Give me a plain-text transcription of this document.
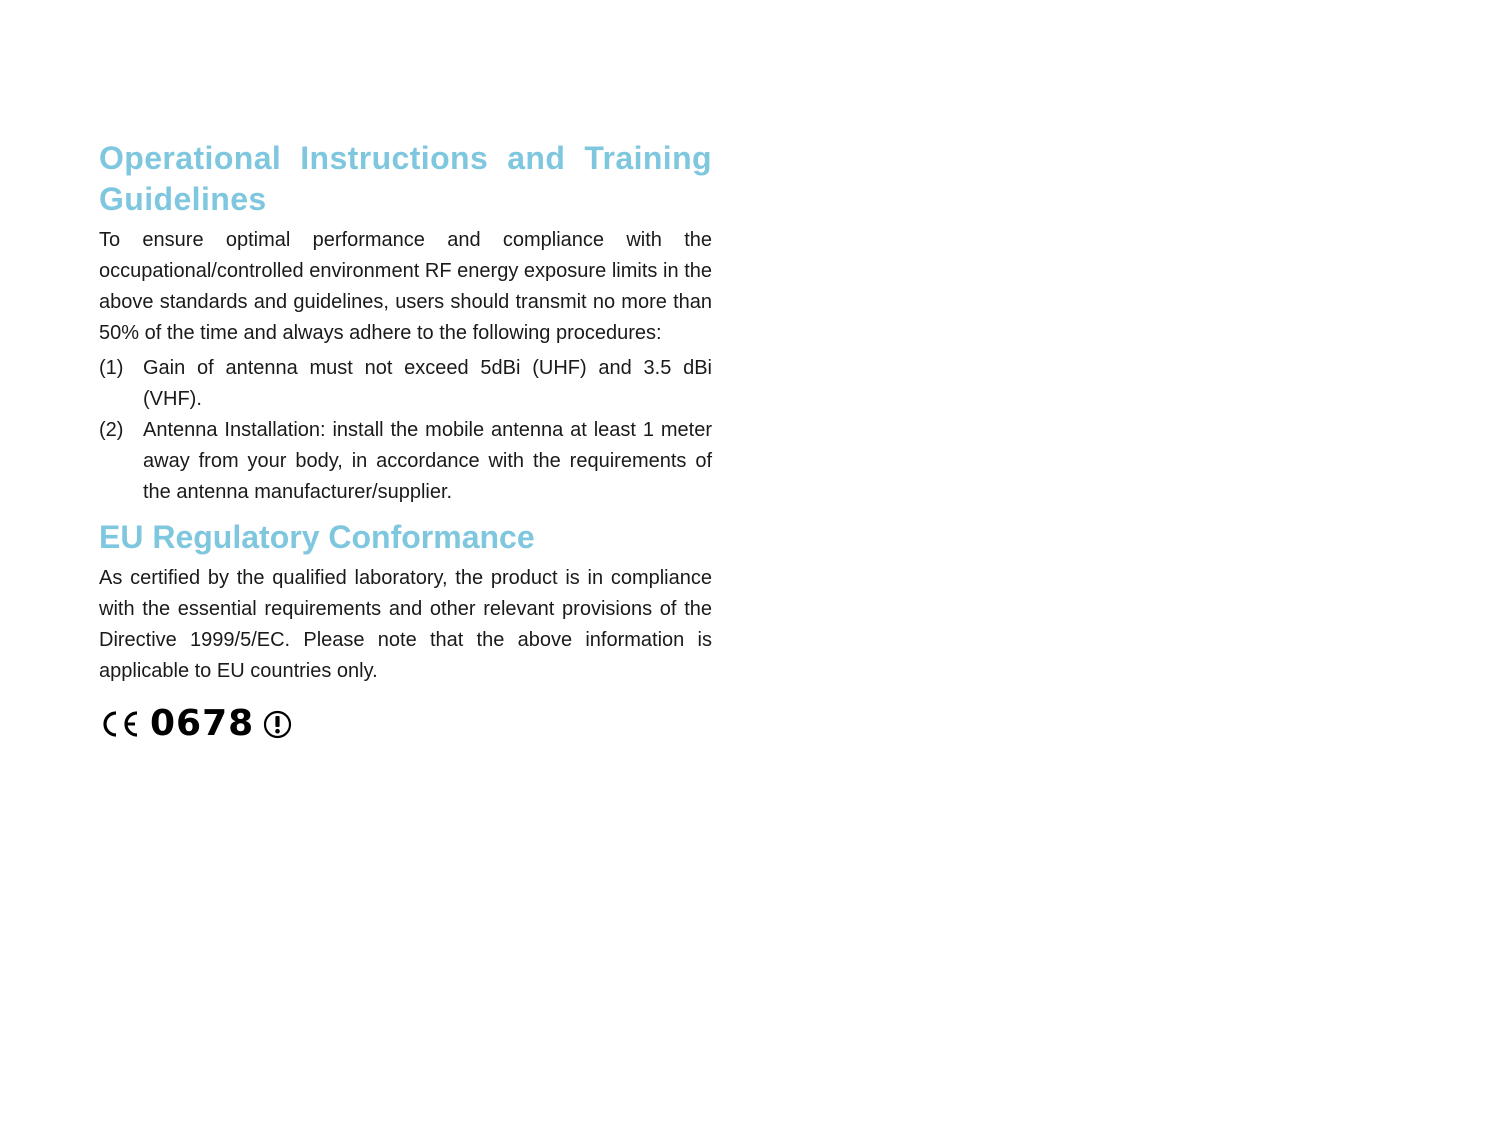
Operational Instructions and Training Guidelines

To ensure optimal performance and compliance with the occupational/controlled environment RF energy exposure limits in the above standards and guidelines, users should transmit no more than 50% of the time and always adhere to the following procedures:

(1) Gain of antenna must not exceed 5dBi (UHF) and 3.5 dBi (VHF).
(2) Antenna Installation: install the mobile antenna at least 1 meter away from your body, in accordance with the requirements of the antenna manufacturer/supplier.
EU Regulatory Conformance

As certified by the qualified laboratory, the product is in compliance with the essential requirements and other relevant provisions of the Directive 1999/5/EC. Please note that the above information is applicable to EU countries only.

0678
